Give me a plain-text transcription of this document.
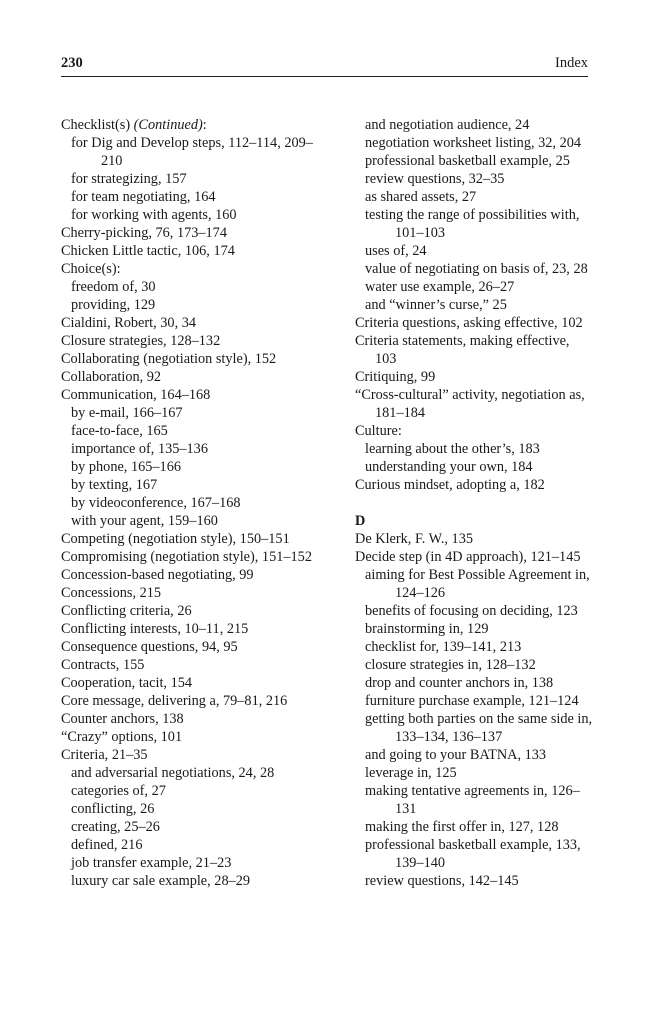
230	Index
Checklist(s) (Continued):
for Dig and Develop steps, 112–114, 209–210
for strategizing, 157
for team negotiating, 164
for working with agents, 160
Cherry-picking, 76, 173–174
Chicken Little tactic, 106, 174
Choice(s):
freedom of, 30
providing, 129
Cialdini, Robert, 30, 34
Closure strategies, 128–132
Collaborating (negotiation style), 152
Collaboration, 92
Communication, 164–168
by e-mail, 166–167
face-to-face, 165
importance of, 135–136
by phone, 165–166
by texting, 167
by videoconference, 167–168
with your agent, 159–160
Competing (negotiation style), 150–151
Compromising (negotiation style), 151–152
Concession-based negotiating, 99
Concessions, 215
Conflicting criteria, 26
Conflicting interests, 10–11, 215
Consequence questions, 94, 95
Contracts, 155
Cooperation, tacit, 154
Core message, delivering a, 79–81, 216
Counter anchors, 138
“Crazy” options, 101
Criteria, 21–35
and adversarial negotiations, 24, 28
categories of, 27
conflicting, 26
creating, 25–26
defined, 216
job transfer example, 21–23
luxury car sale example, 28–29
and negotiation audience, 24
negotiation worksheet listing, 32, 204
professional basketball example, 25
review questions, 32–35
as shared assets, 27
testing the range of possibilities with, 101–103
uses of, 24
value of negotiating on basis of, 23, 28
water use example, 26–27
and “winner’s curse,” 25
Criteria questions, asking effective, 102
Criteria statements, making effective, 103
Critiquing, 99
“Cross-cultural” activity, negotiation as, 181–184
Culture:
learning about the other’s, 183
understanding your own, 184
Curious mindset, adopting a, 182
D
De Klerk, F. W., 135
Decide step (in 4D approach), 121–145
aiming for Best Possible Agreement in, 124–126
benefits of focusing on deciding, 123
brainstorming in, 129
checklist for, 139–141, 213
closure strategies in, 128–132
drop and counter anchors in, 138
furniture purchase example, 121–124
getting both parties on the same side in, 133–134, 136–137
and going to your BATNA, 133
leverage in, 125
making tentative agreements in, 126–131
making the first offer in, 127, 128
professional basketball example, 133, 139–140
review questions, 142–145
